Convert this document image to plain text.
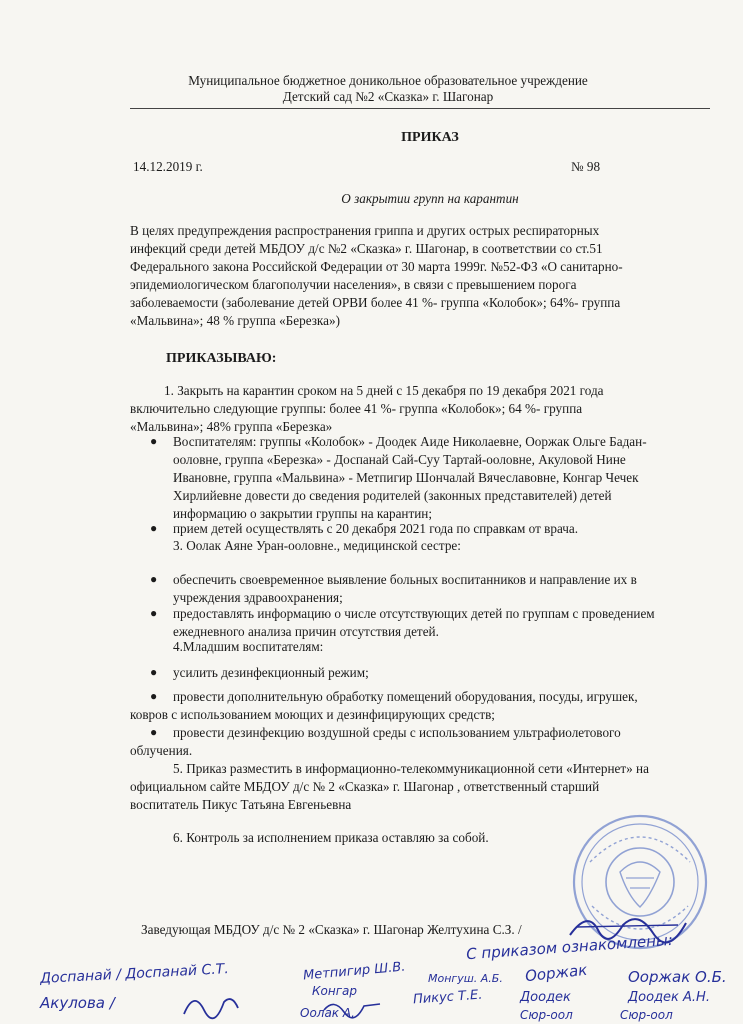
Муниципальное бюджетное доникольное образовательное учреждение

Детский сад №2 «Сказка» г. Шагонар

ПРИКАЗ

14.12.2019 г.	№ 98

О закрытии групп на карантин

В целях предупреждения распространения гриппа и других острых респираторных
инфекций среди детей МБДОУ д/с №2 «Сказка» г. Шагонар, в соответствии со ст.51
Федерального закона Российской Федерации от 30 марта 1999г. №52-ФЗ «О санитарно-
эпидемиологическом благополучии населения», в связи с превышением порога
заболеваемости (заболевание детей ОРВИ более 41 %- группа «Колобок»; 64%- группа
«Мальвина»; 48 % группа «Березка»)

ПРИКАЗЫВАЮ:

1. Закрыть на карантин сроком на 5 дней с 15 декабря по 19 декабря 2021 года
включительно следующие группы: более 41 %- группа «Колобок»; 64 %- группа
«Мальвина»; 48% группа «Березка»
● Воспитателям: группы «Колобок» - Доодек Аиде Николаевне, Ооржак Ольге Бадан-
ооловне, группа «Березка» - Доспанай Сай-Суу Тартай-ооловне, Акуловой Нине
Ивановне, группа «Мальвина» - Метпигир Шончалай Вячеславовне, Конгар Чечек
Хирлийевне довести до сведения родителей (законных представителей) детей
информацию о закрытии группы на карантин;
● прием детей осуществлять с 20 декабря 2021 года по справкам от врача.
3. Оолак Аяне Уран-ооловне., медицинской сестре:
● обеспечить своевременное выявление больных воспитанников и направление их в
учреждения здравоохранения;
● предоставлять информацию о числе отсутствующих детей по группам с проведением
ежедневного анализа причин отсутствия детей.
4.Младшим воспитателям:
● усилить дезинфекционный режим;
●	провести дополнительную обработку помещений оборудования, посуды, игрушек,
ковров с использованием моющих и дезинфицирующих средств;
●	провести дезинфекцию воздушной среды с использованием ультрафиолетового
облучения.
5. Приказ разместить в информационно-телекоммуникационной сети «Интернет» на
официальном сайте МБДОУ д/с № 2 «Сказка» г. Шагонар , ответственный старший
воспитатель Пикус Татьяна Евгеньевна
6. Контроль за исполнением приказа оставляю за собой.
Заведующая МБДОУ д/с № 2 «Сказка» г. Шагонар Желтухина С.З. /
С приказом ознакомлены:
Доспанай / Доспанай С.Т.	Метпигир Ш.В. Монгуш. А.Б. Ооржак	Ооржак О.Б.
Акулова /
Конгар	Пикус Т.Е.	Доодек	Доодек А.Н.
Оолак А.	Сюр-оол	Сюр-оол
